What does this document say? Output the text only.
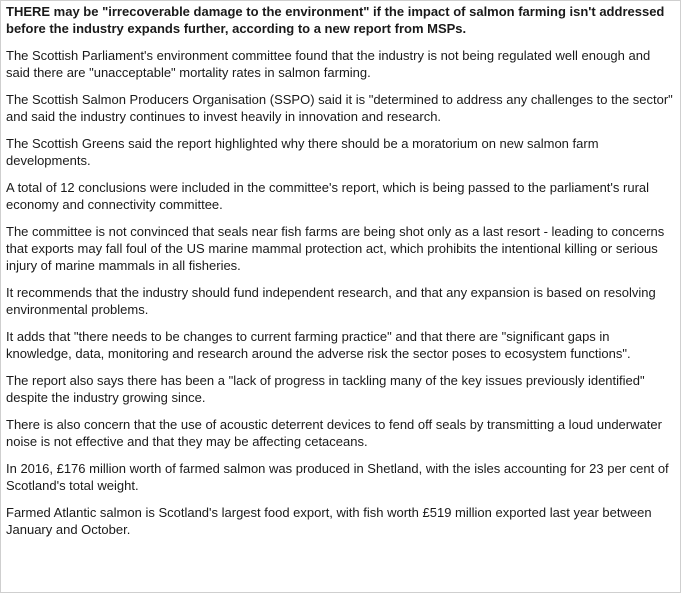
THERE may be "irrecoverable damage to the environment" if the impact of salmon farming isn't addressed before the industry expands further, according to a new report from MSPs.

The Scottish Parliament's environment committee found that the industry is not being regulated well enough and said there are "unacceptable" mortality rates in salmon farming.

The Scottish Salmon Producers Organisation (SSPO) said it is "determined to address any challenges to the sector" and said the industry continues to invest heavily in innovation and research.

The Scottish Greens said the report highlighted why there should be a moratorium on new salmon farm developments.

A total of 12 conclusions were included in the committee's report, which is being passed to the parliament's rural economy and connectivity committee.

The committee is not convinced that seals near fish farms are being shot only as a last resort - leading to concerns that exports may fall foul of the US marine mammal protection act, which prohibits the intentional killing or serious injury of marine mammals in all fisheries.

It recommends that the industry should fund independent research, and that any expansion is based on resolving environmental problems.

It adds that "there needs to be changes to current farming practice" and that there are "significant gaps in knowledge, data, monitoring and research around the adverse risk the sector poses to ecosystem functions".

The report also says there has been a "lack of progress in tackling many of the key issues previously identified" despite the industry growing since.

There is also concern that the use of acoustic deterrent devices to fend off seals by transmitting a loud underwater noise is not effective and that they may be affecting cetaceans.

In 2016, £176 million worth of farmed salmon was produced in Shetland, with the isles accounting for 23 per cent of Scotland's total weight.

Farmed Atlantic salmon is Scotland's largest food export, with fish worth £519 million exported last year between January and October.
